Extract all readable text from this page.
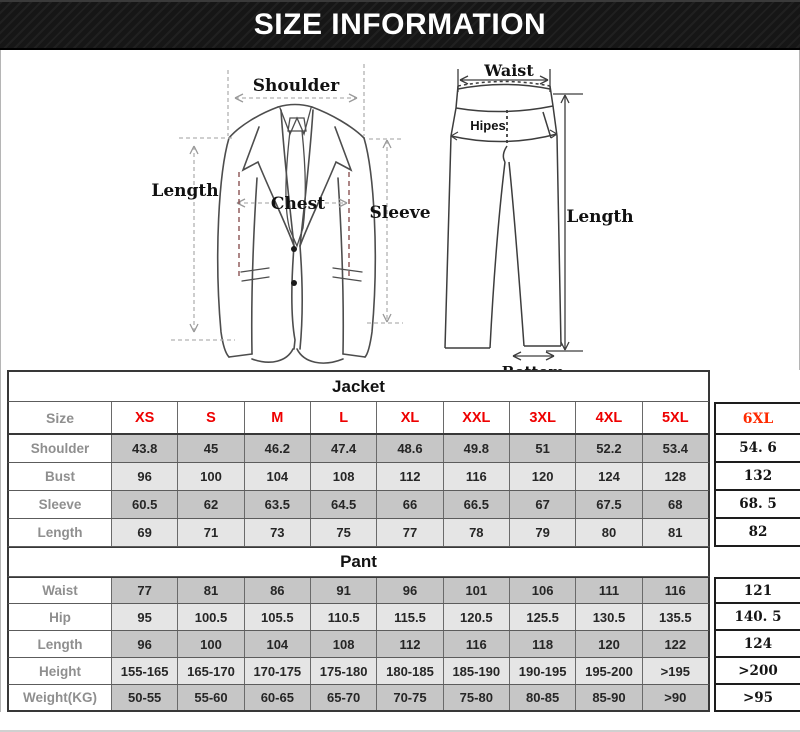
SIZE INFORMATION
Shoulder
Length
Chest	Sleeve
Waist
Hipes
Length
Jacket
Size	XS	S	M	L	XL	XXL	3XL	4XL	5XL	6XL
Shoulder	43.8	45	46.2	47.4	48.6	49.8	51	52.2	53.4	54. 6
Bust	96	100	104	108	112	116	120	124	128	132
Sleeve	60.5	62	63.5	64.5	66	66.5	67	67.5	68	68. 5
Length	69	71	73	75	77	78	79	80	81	82
Pant
Waist	77	81	86	91	96	101	106	111	116	121
Hip	95	100.5	105.5	110.5	115.5	120.5	125.5	130.5	135.5	140. 5
Length	96	100	104	108	112	116	118	120	122	124
Height	155-165	165-170	170-175	175-180	180-185	185-190	190-195	195-200	>195	>200
Weight(KG)	50-55	55-60	60-65	65-70	70-75	75-80	80-85	85-90	>90	>95
